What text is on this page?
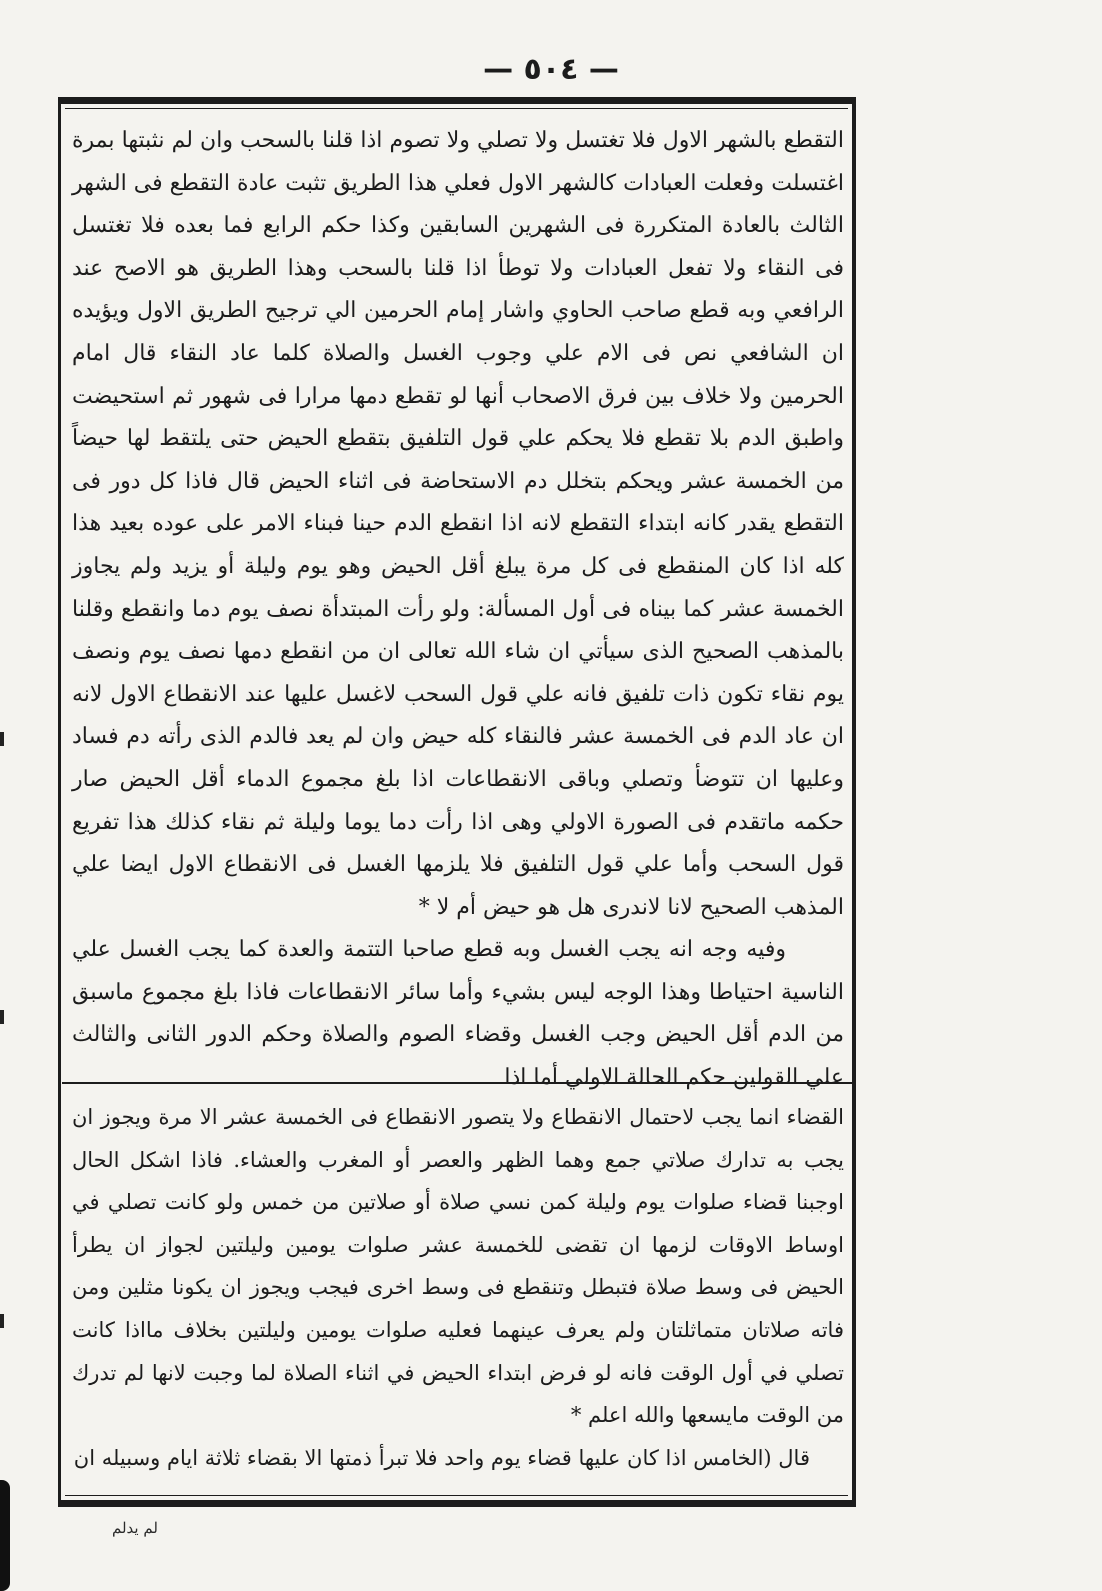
— ٥٠٤ —

التقطع بالشهر الاول فلا تغتسل ولا تصلي ولا تصوم اذا قلنا بالسحب وان لم نثبتها بمرة اغتسلت وفعلت العبادات كالشهر الاول فعلي هذا الطريق تثبت عادة التقطع فى الشهر الثالث بالعادة المتكررة فى الشهرين السابقين وكذا حكم الرابع فما بعده فلا تغتسل فى النقاء ولا تفعل العبادات ولا توطأ اذا قلنا بالسحب وهذا الطريق هو الاصح عند الرافعي وبه قطع صاحب الحاوي واشار إمام الحرمين الي ترجيح الطريق الاول ويؤيده ان الشافعي نص فى الام علي وجوب الغسل والصلاة كلما عاد النقاء قال امام الحرمين ولا خلاف بين فرق الاصحاب أنها لو تقطع دمها مرارا فى شهور ثم استحيضت واطبق الدم بلا تقطع فلا يحكم علي قول التلفيق بتقطع الحيض حتى يلتقط لها حيضاً من الخمسة عشر ويحكم بتخلل دم الاستحاضة فى اثناء الحيض قال فاذا كل دور فى التقطع يقدر كانه ابتداء التقطع لانه اذا انقطع الدم حينا فبناء الامر على عوده بعيد هذا كله اذا كان المنقطع فى كل مرة يبلغ أقل الحيض وهو يوم وليلة أو يزيد ولم يجاوز الخمسة عشر كما بيناه فى أول المسألة: ولو رأت المبتدأة نصف يوم دما وانقطع وقلنا بالمذهب الصحيح الذى سيأتي ان شاء الله تعالى ان من انقطع دمها نصف يوم ونصف يوم نقاء تكون ذات تلفيق فانه علي قول السحب لاغسل عليها عند الانقطاع الاول لانه ان عاد الدم فى الخمسة عشر فالنقاء كله حيض وان لم يعد فالدم الذى رأته دم فساد وعليها ان تتوضأ وتصلي وباقى الانقطاعات اذا بلغ مجموع الدماء أقل الحيض صار حكمه ماتقدم فى الصورة الاولي وهى اذا رأت دما يوما وليلة ثم نقاء كذلك هذا تفريع قول السحب وأما علي قول التلفيق فلا يلزمها الغسل فى الانقطاع الاول ايضا علي المذهب الصحيح لانا لاندرى هل هو حيض أم لا *

وفيه وجه انه يجب الغسل وبه قطع صاحبا التتمة والعدة كما يجب الغسل علي الناسية احتياطا وهذا الوجه ليس بشيء وأما سائر الانقطاعات فاذا بلغ مجموع ماسبق من الدم أقل الحيض وجب الغسل وقضاء الصوم والصلاة وحكم الدور الثانى والثالث علي القولين حكم الحالة الاولي أما اذا

القضاء انما يجب لاحتمال الانقطاع ولا يتصور الانقطاع فى الخمسة عشر الا مرة ويجوز ان يجب به تدارك صلاتي جمع وهما الظهر والعصر أو المغرب والعشاء. فاذا اشكل الحال اوجبنا قضاء صلوات يوم وليلة كمن نسي صلاة أو صلاتين من خمس ولو كانت تصلي في اوساط الاوقات لزمها ان تقضى للخمسة عشر صلوات يومين وليلتين لجواز ان يطرأ الحيض فى وسط صلاة فتبطل وتنقطع فى وسط اخرى فيجب ويجوز ان يكونا مثلين ومن فاته صلاتان متماثلتان ولم يعرف عينهما فعليه صلوات يومين وليلتين بخلاف مااذا كانت تصلي في أول الوقت فانه لو فرض ابتداء الحيض في اثناء الصلاة لما وجبت لانها لم تدرك من الوقت مايسعها والله اعلم *

قال (الخامس اذا كان عليها قضاء يوم واحد فلا تبرأ ذمتها الا بقضاء ثلاثة ايام وسبيله ان

لم يدلم
